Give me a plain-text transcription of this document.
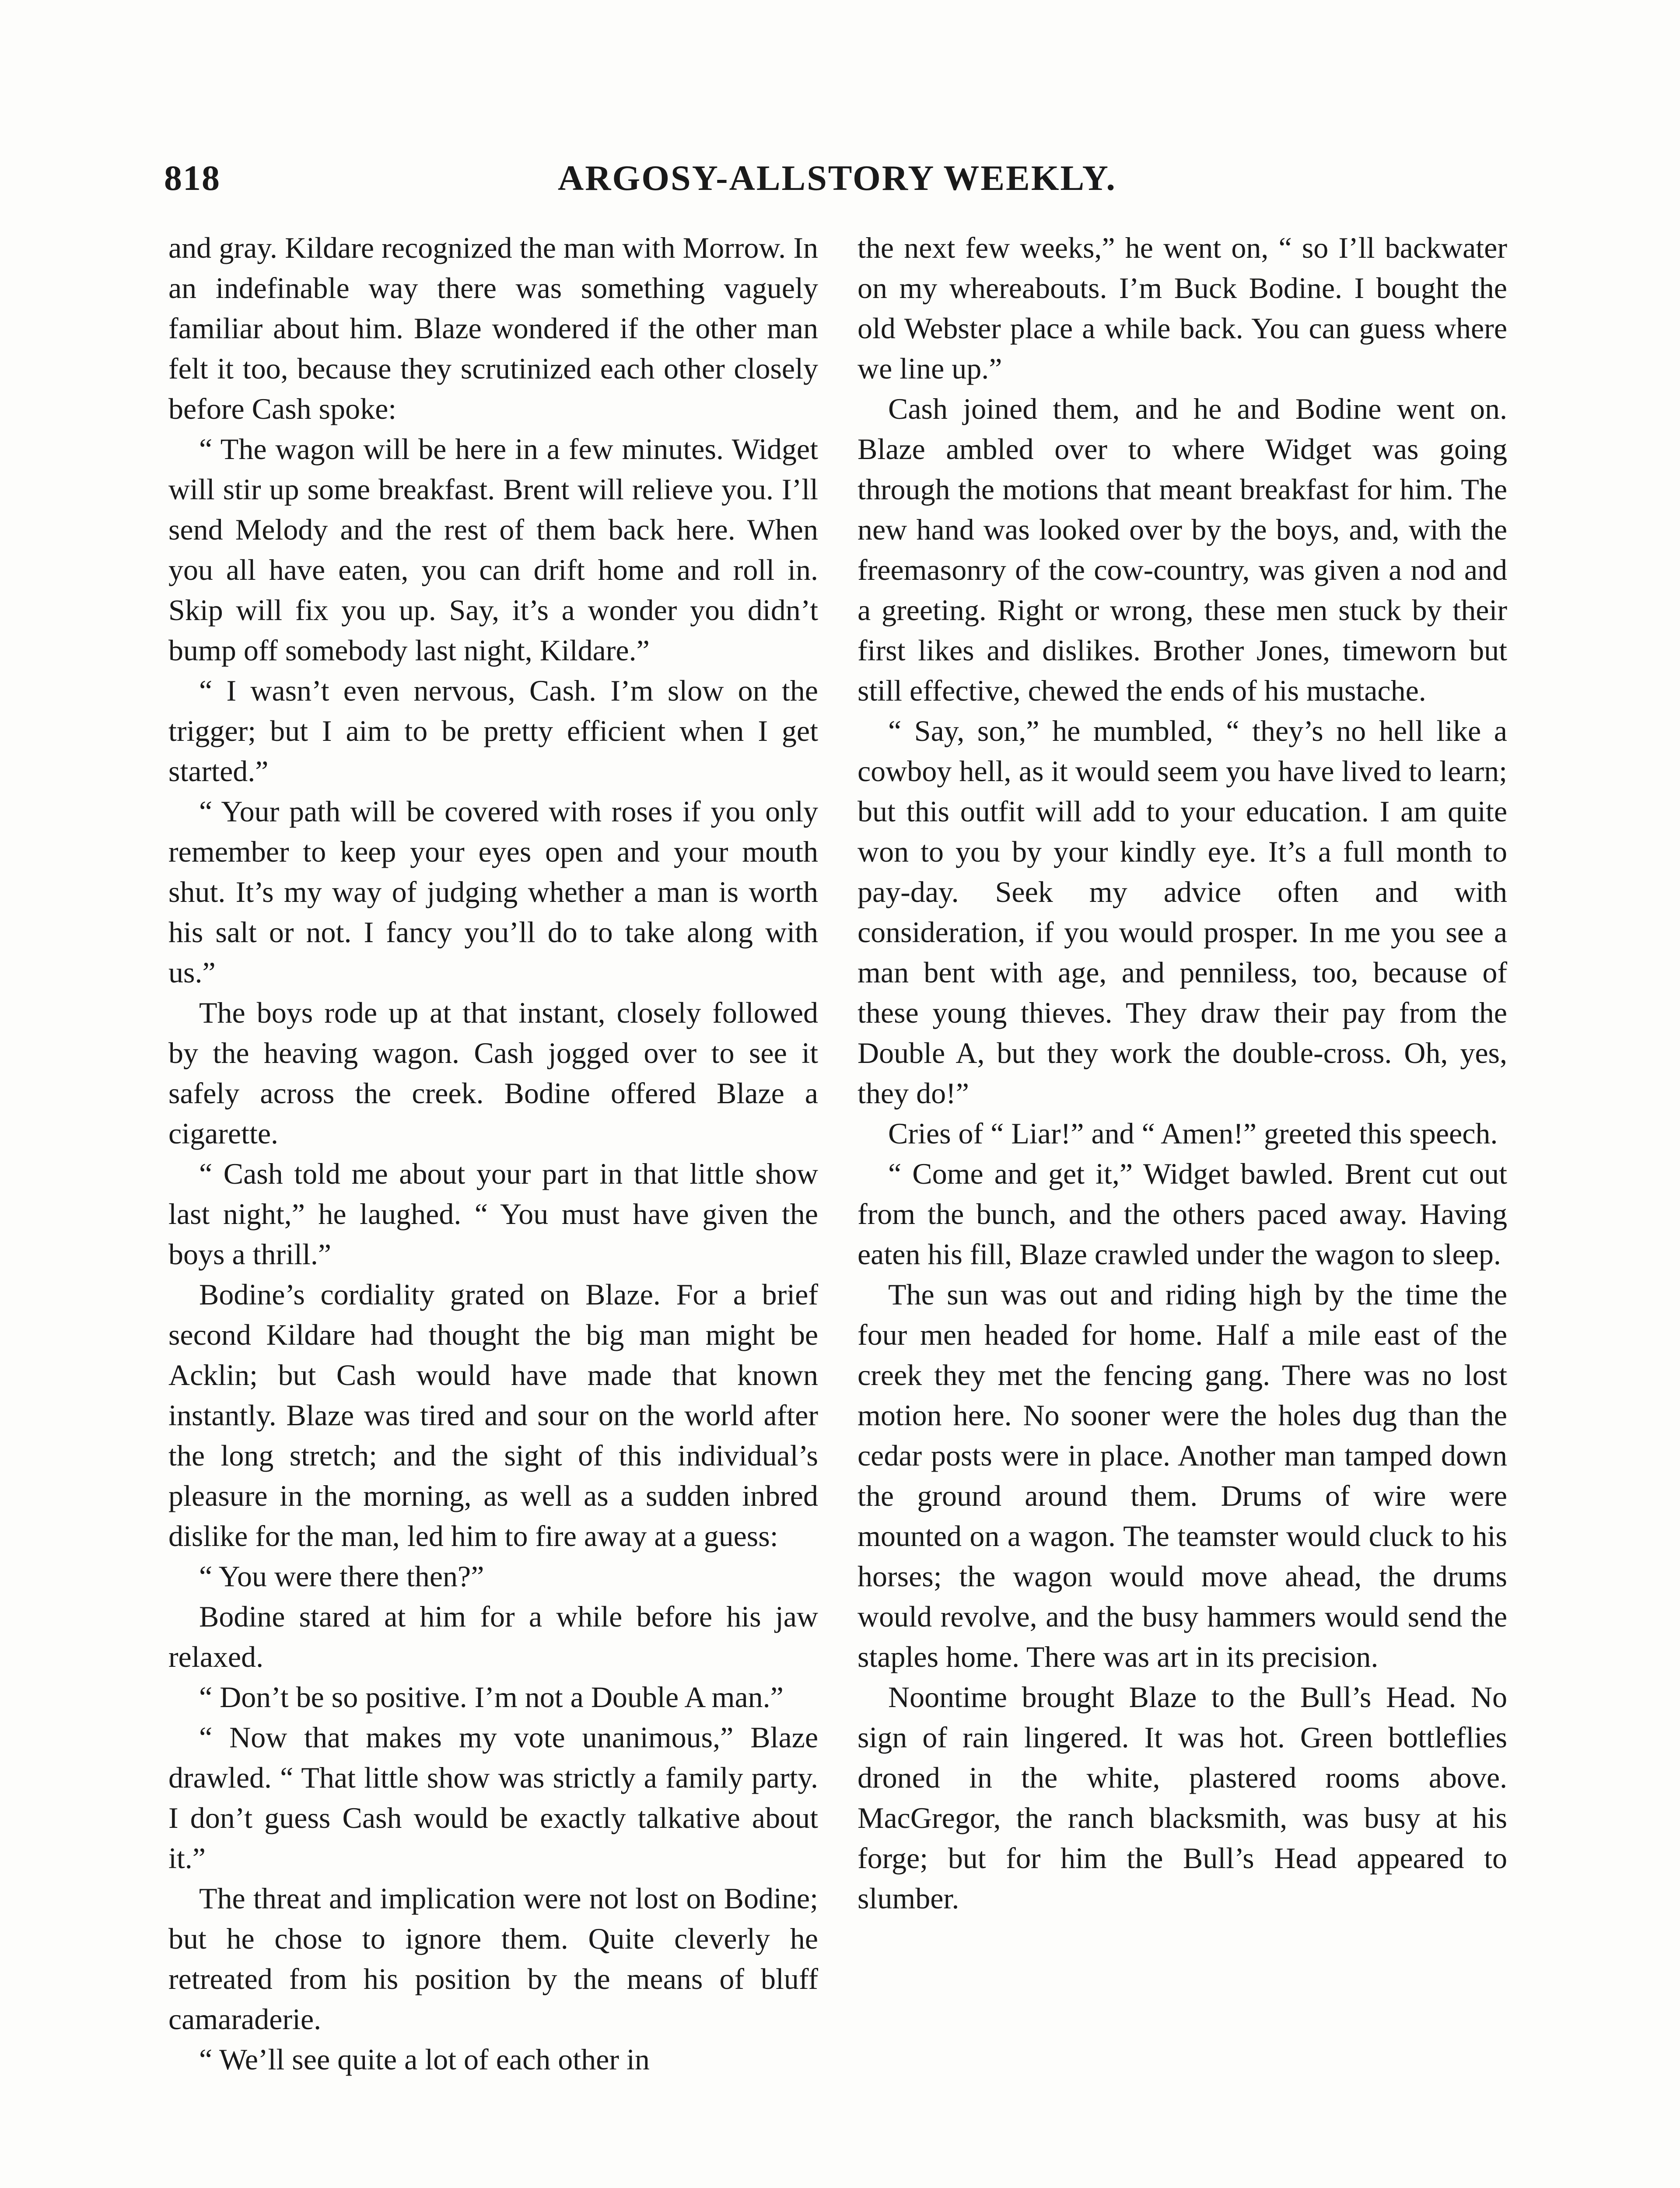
818	ARGOSY-ALLSTORY WEEKLY.

and gray. Kildare recognized the man with Morrow. In an indefinable way there was something vaguely familiar about him. Blaze wondered if the other man felt it too, because they scrutinized each other closely before Cash spoke:

“ The wagon will be here in a few minutes. Widget will stir up some breakfast. Brent will relieve you. I’ll send Melody and the rest of them back here. When you all have eaten, you can drift home and roll in. Skip will fix you up. Say, it’s a wonder you didn’t bump off somebody last night, Kildare.”

“ I wasn’t even nervous, Cash. I’m slow on the trigger; but I aim to be pretty efficient when I get started.”

“ Your path will be covered with roses if you only remember to keep your eyes open and your mouth shut. It’s my way of judging whether a man is worth his salt or not. I fancy you’ll do to take along with us.”

The boys rode up at that instant, closely followed by the heaving wagon. Cash jogged over to see it safely across the creek. Bodine offered Blaze a cigarette.

“ Cash told me about your part in that little show last night,” he laughed. “ You must have given the boys a thrill.”

Bodine’s cordiality grated on Blaze. For a brief second Kildare had thought the big man might be Acklin; but Cash would have made that known instantly. Blaze was tired and sour on the world after the long stretch; and the sight of this individual’s pleasure in the morning, as well as a sudden inbred dislike for the man, led him to fire away at a guess:

“ You were there then?”

Bodine stared at him for a while before his jaw relaxed.

“ Don’t be so positive. I’m not a Double A man.”

“ Now that makes my vote unanimous,” Blaze drawled. “ That little show was strictly a family party. I don’t guess Cash would be exactly talkative about it.”

The threat and implication were not lost on Bodine; but he chose to ignore them. Quite cleverly he retreated from his position by the means of bluff camaraderie.

“ We’ll see quite a lot of each other in

the next few weeks,” he went on, “ so I’ll backwater on my whereabouts. I’m Buck Bodine. I bought the old Webster place a while back. You can guess where we line up.”

Cash joined them, and he and Bodine went on. Blaze ambled over to where Widget was going through the motions that meant breakfast for him. The new hand was looked over by the boys, and, with the freemasonry of the cow-country, was given a nod and a greeting. Right or wrong, these men stuck by their first likes and dislikes. Brother Jones, timeworn but still effective, chewed the ends of his mustache.

“ Say, son,” he mumbled, “ they’s no hell like a cowboy hell, as it would seem you have lived to learn; but this outfit will add to your education. I am quite won to you by your kindly eye. It’s a full month to pay-day. Seek my advice often and with consideration, if you would prosper. In me you see a man bent with age, and penniless, too, because of these young thieves. They draw their pay from the Double A, but they work the double-cross. Oh, yes, they do!”

Cries of “ Liar!” and “ Amen!” greeted this speech.

“ Come and get it,” Widget bawled. Brent cut out from the bunch, and the others paced away. Having eaten his fill, Blaze crawled under the wagon to sleep.

The sun was out and riding high by the time the four men headed for home. Half a mile east of the creek they met the fencing gang. There was no lost motion here. No sooner were the holes dug than the cedar posts were in place. Another man tamped down the ground around them. Drums of wire were mounted on a wagon. The teamster would cluck to his horses; the wagon would move ahead, the drums would revolve, and the busy hammers would send the staples home. There was art in its precision.

Noontime brought Blaze to the Bull’s Head. No sign of rain lingered. It was hot. Green bottleflies droned in the white, plastered rooms above. MacGregor, the ranch blacksmith, was busy at his forge; but for him the Bull’s Head appeared to slumber.
